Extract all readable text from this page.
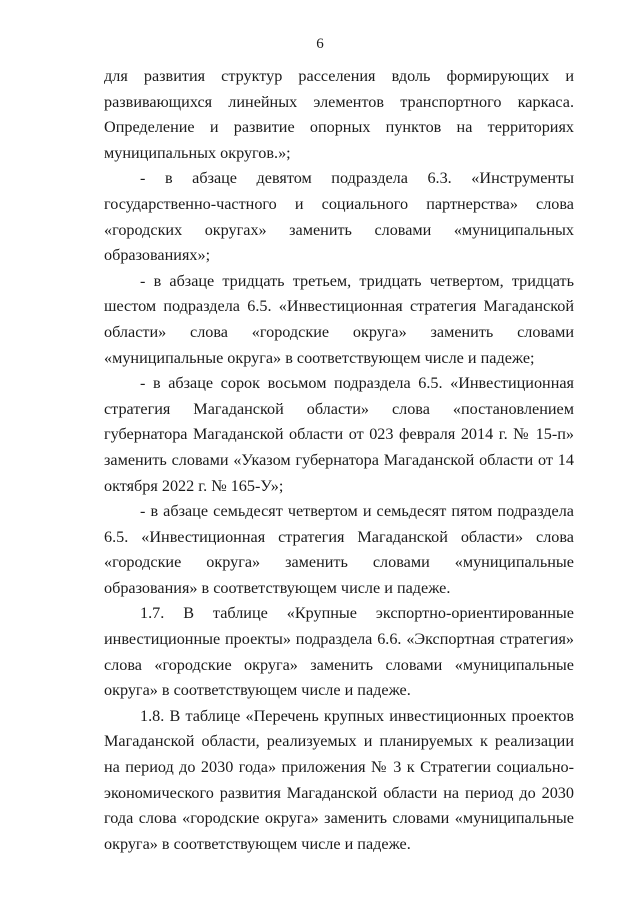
6

для развития структур расселения вдоль формирующих и развивающихся линейных элементов транспортного каркаса. Определение и развитие опорных пунктов на территориях муниципальных округов.»;

- в абзаце девятом подраздела 6.3. «Инструменты государственно-частного и социального партнерства» слова «городских округах» заменить словами «муниципальных образованиях»;

- в абзаце тридцать третьем, тридцать четвертом, тридцать шестом подраздела 6.5. «Инвестиционная стратегия Магаданской области» слова «городские округа» заменить словами «муниципальные округа» в соответствующем числе и падеже;

- в абзаце сорок восьмом подраздела 6.5. «Инвестиционная стратегия Магаданской области» слова «постановлением губернатора Магаданской области от 023 февраля 2014 г. № 15-п» заменить словами «Указом губернатора Магаданской области от 14 октября 2022 г. № 165-У»;

- в абзаце семьдесят четвертом и семьдесят пятом подраздела 6.5. «Инвестиционная стратегия Магаданской области» слова «городские округа» заменить словами «муниципальные образования» в соответствующем числе и падеже.

1.7. В таблице «Крупные экспортно-ориентированные инвестиционные проекты» подраздела 6.6. «Экспортная стратегия» слова «городские округа» заменить словами «муниципальные округа» в соответствующем числе и падеже.

1.8. В таблице «Перечень крупных инвестиционных проектов Магаданской области, реализуемых и планируемых к реализации на период до 2030 года» приложения № 3 к Стратегии социально-экономического развития Магаданской области на период до 2030 года слова «городские округа» заменить словами «муниципальные округа» в соответствующем числе и падеже.
